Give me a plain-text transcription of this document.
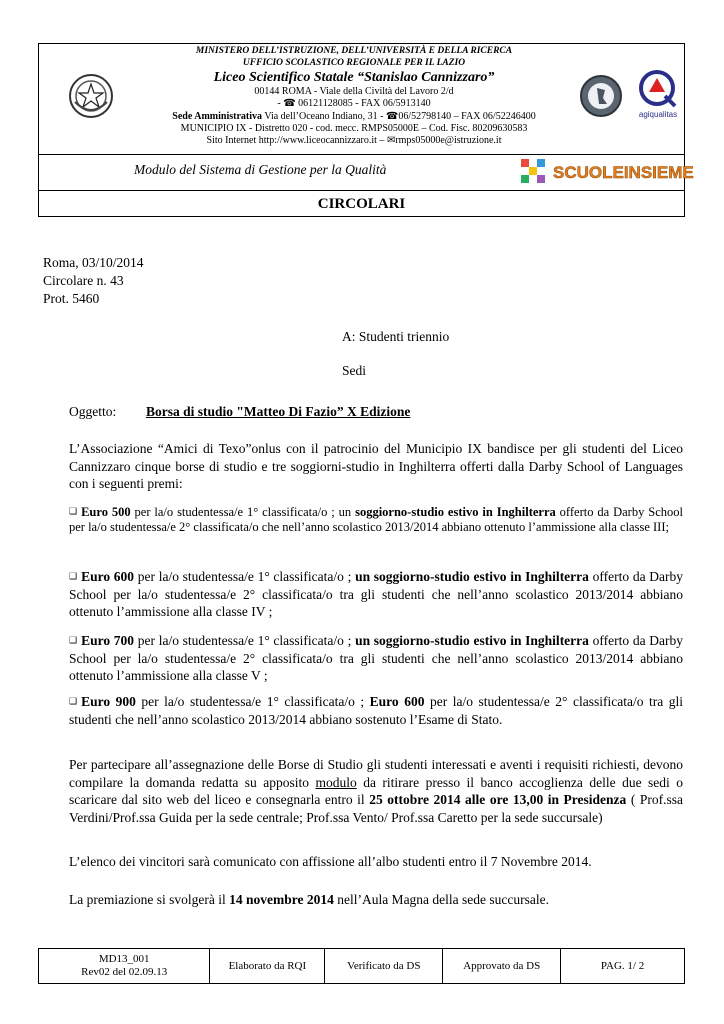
MINISTERO DELL’ISTRUZIONE, DELL’UNIVERSITÀ E DELLA RICERCA
UFFICIO SCOLASTICO REGIONALE PER IL LAZIO
Liceo Scientifico Statale “Stanislao Cannizzaro”
00144 ROMA - Viale della Civiltà del Lavoro 2/d
- ☎ 06121128085 - FAX 06/5913140
Sede Amministrativa Via dell’Oceano Indiano, 31 - ☎06/52798140 – FAX 06/52246400
MUNICIPIO IX - Distretto 020 - cod. mecc. RMPS05000E – Cod. Fisc. 80209630583
Sito Internet http://www.liceocannizzaro.it – ✉rmps05000e@istruzione.it
agiqualitas
Modulo del Sistema di Gestione per la Qualità	SCUOLEINSIEME
CIRCOLARI
Roma, 03/10/2014
Circolare n. 43
Prot. 5460
A: Studenti triennio
Sedi
Oggetto: Borsa di studio "Matteo Di Fazio” X Edizione
L’Associazione “Amici di Texo”onlus con il patrocinio del Municipio IX bandisce per gli studenti del Liceo Cannizzaro cinque borse di studio e tre soggiorni-studio in Inghilterra offerti dalla Darby School of Languages con i seguenti premi:
❑ Euro 500 per la/o studentessa/e 1° classificata/o ; un soggiorno-studio estivo in Inghilterra offerto da Darby School per la/o studentessa/e 2° classificata/o che nell’anno scolastico 2013/2014 abbiano ottenuto l’ammissione alla classe III;
❑ Euro 600 per la/o studentessa/e 1° classificata/o ; un soggiorno-studio estivo in Inghilterra offerto da Darby School per la/o studentessa/e 2° classificata/o tra gli studenti che nell’anno scolastico 2013/2014 abbiano ottenuto l’ammissione alla classe IV ;
❑ Euro 700 per la/o studentessa/e 1° classificata/o ; un soggiorno-studio estivo in Inghilterra offerto da Darby School per la/o studentessa/e 2° classificata/o tra gli studenti che nell’anno scolastico 2013/2014 abbiano ottenuto l’ammissione alla classe V ;
❑ Euro 900 per la/o studentessa/e 1° classificata/o ; Euro 600 per la/o studentessa/e 2° classificata/o tra gli studenti che nell’anno scolastico 2013/2014 abbiano sostenuto l’Esame di Stato.
Per partecipare all’assegnazione delle Borse di Studio gli studenti interessati e aventi i requisiti richiesti, devono compilare la domanda redatta su apposito modulo da ritirare presso il banco accoglienza delle due sedi o scaricare dal sito web del liceo e consegnarla entro il 25 ottobre 2014 alle ore 13,00 in Presidenza ( Prof.ssa Verdini/Prof.ssa Guida per la sede centrale; Prof.ssa Vento/ Prof.ssa Caretto per la sede succursale)
L’elenco dei vincitori sarà comunicato con affissione all’albo studenti entro il 7 Novembre 2014.
La premiazione si svolgerà il 14 novembre 2014 nell’Aula Magna della sede succursale.
MD13_001
Rev02 del 02.09.13
Elaborato da RQI	Verificato da DS	Approvato da DS	PAG. 1/ 2
